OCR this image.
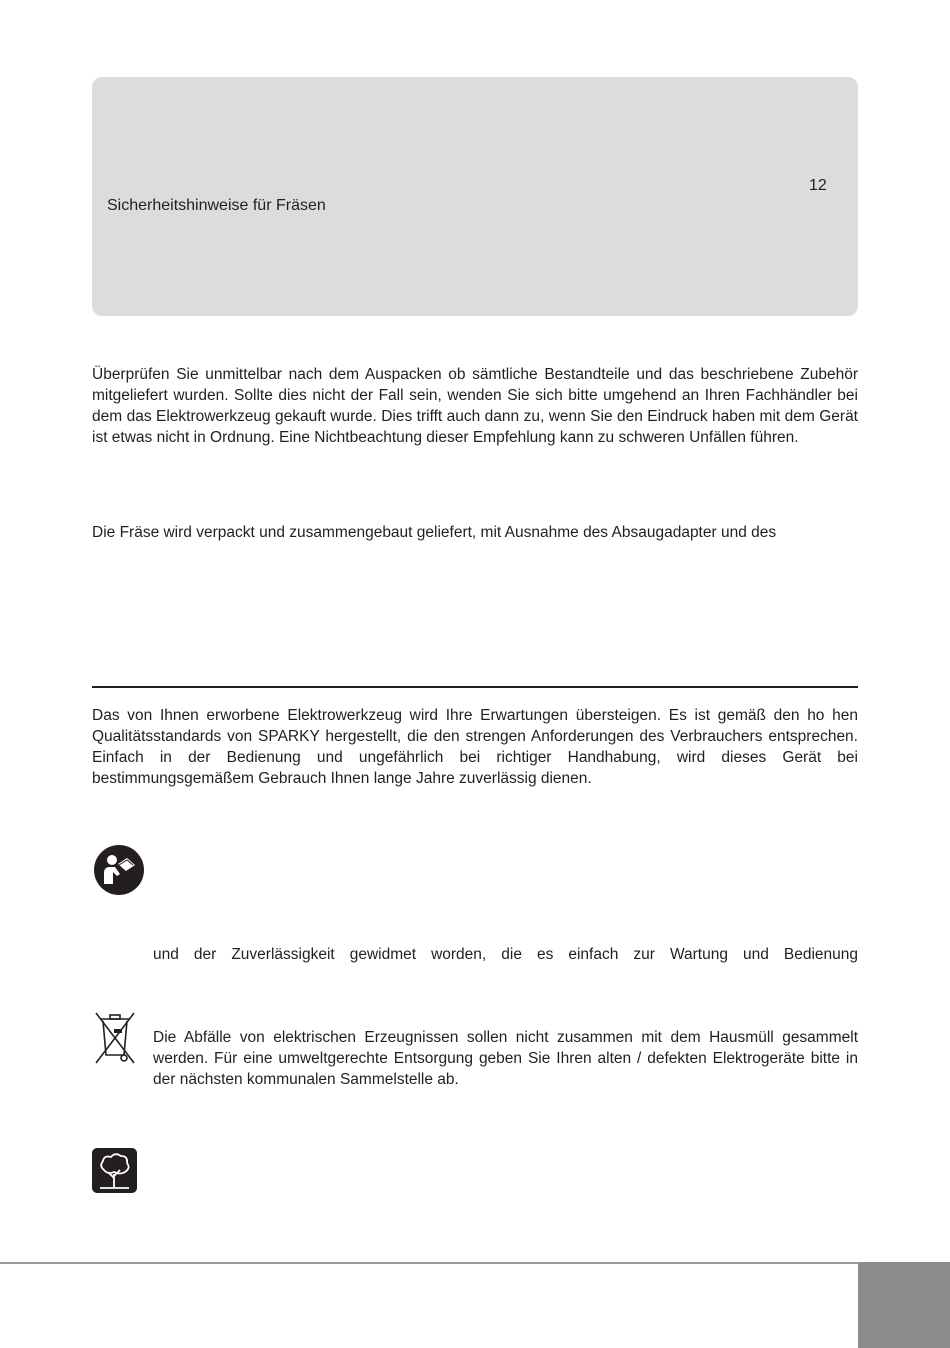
Sicherheitshinweise für Fräsen
12
Überprüfen Sie unmittelbar nach dem Auspacken ob sämtliche Bestandteile und das beschriebene Zubehör mitgeliefert wurden. Sollte dies nicht der Fall sein, wenden Sie sich bitte umgehend an Ihren Fachhändler bei dem das Elektrowerkzeug gekauft wurde. Dies trifft auch dann zu, wenn Sie den Eindruck haben mit dem Gerät ist etwas nicht in Ordnung. Eine Nichtbeachtung dieser Empfehlung kann zu schweren Unfällen führen.
Die Fräse wird verpackt und zusammengebaut geliefert, mit Ausnahme des Absaugadapter und des
Das von Ihnen erworbene Elektrowerkzeug wird Ihre Erwartungen übersteigen. Es ist gemäß den ho hen Qualitätsstandards von SPARKY hergestellt, die den strengen Anforderungen des Verbrauchers entsprechen. Einfach in der Bedienung und ungefährlich bei richtiger Handhabung, wird dieses Gerät bei bestimmungsgemäßem Gebrauch Ihnen lange Jahre zuverlässig dienen.
und der Zuverlässigkeit gewidmet worden, die es einfach zur Wartung und Bedienung
Die Abfälle von elektrischen Erzeugnissen sollen nicht zusammen mit dem Hausmüll gesammelt werden. Für eine umweltgerechte Entsorgung geben Sie Ihren alten / defekten Elektrogeräte bitte in der nächsten kommunalen Sammelstelle ab.
